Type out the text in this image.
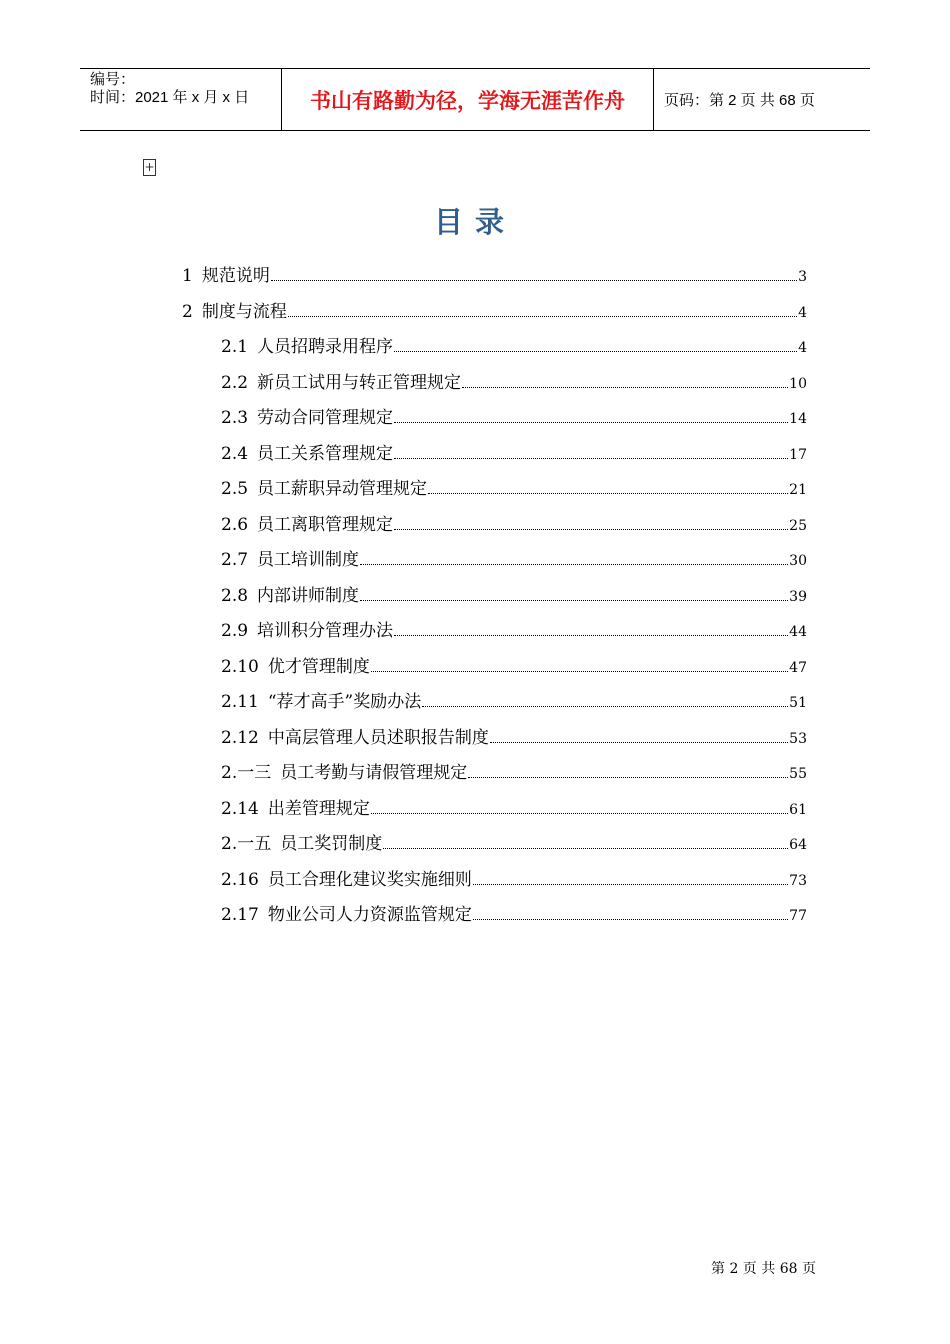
编号：
时间：2021 年 x 月 x 日	书山有路勤为径，学海无涯苦作舟	页码：第 2 页 共 68 页
+
目录
1 规范说明	3
2 制度与流程	4
2.1 人员招聘录用程序	4
2.2 新员工试用与转正管理规定	10
2.3 劳动合同管理规定	14
2.4 员工关系管理规定	17
2.5 员工薪职异动管理规定	21
2.6 员工离职管理规定	25
2.7 员工培训制度	30
2.8 内部讲师制度	39
2.9 培训积分管理办法	44
2.10 优才管理制度	47
2.11 “荐才高手”奖励办法	51
2.12 中高层管理人员述职报告制度	53
2.一三 员工考勤与请假管理规定	55
2.14 出差管理规定	61
2.一五 员工奖罚制度	64
2.16 员工合理化建议奖实施细则	73
2.17 物业公司人力资源监管规定	77
第 2 页 共 68 页
